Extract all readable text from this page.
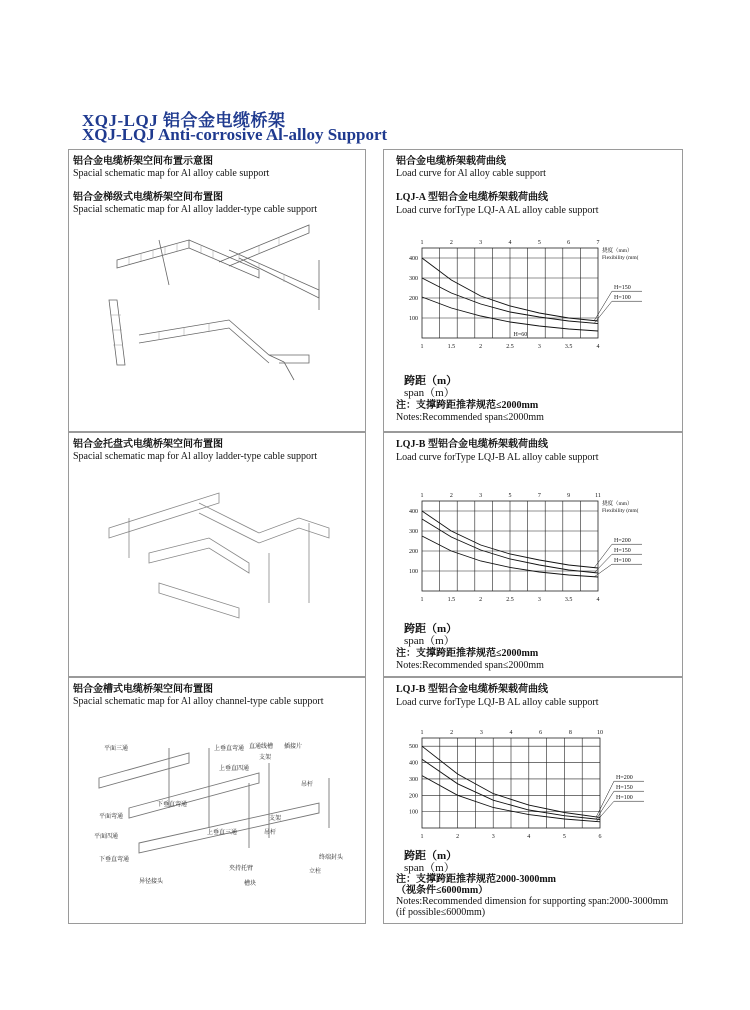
XQJ-LQJ 铝合金电缆桥架
XQJ-LQJ Anti-corrosive Al-alloy Support
铝合金电缆桥架空间布置示意图
Spacial schematic map for Al alloy cable support
铝合金梯级式电缆桥架空间布置图
Spacial schematic map for Al alloy ladder-type cable support
铝合金托盘式电缆桥架空间布置图
Spacial schematic map for Al alloy ladder-type cable support
铝合金槽式电缆桥架空间布置图
Spacial schematic map for Al alloy channel-type cable support
平面三通	上垂直弯通 直通线槽 插接片
支架
上垂直四通
下垂直弯通
吊杆
平面弯通	支架
平面四通
上垂直三通	吊杆
下垂直弯通
夹持托臂
终端封头
异径接头
立柱
槽块
铝合金电缆桥架载荷曲线
Load curve for Al alloy cable support
LQJ-A 型铝合金电缆桥架载荷曲线
Load curve forType LQJ-A AL alloy cable support
400
300
200
100
1	1.5	2	2.5	3	3.5	4
1	2	3	4	5	6	7
挠度（mm）
Flexibility (mm(
H=150
H=100
H=60
跨距（m）
span（m）
注：支撑跨距推荐规范≤2000mm
Notes:Recommended span≤2000mm
LQJ-B 型铝合金电缆桥架载荷曲线
Load curve forType LQJ-B AL alloy cable support
400
300
200
100
1	1.5	2	2.5	3	3.5	4
1	2	3	5	7	9	11
挠度（mm）
Flexibility (mm(
H=200
H=150
H=100
跨距（m）
span（m）
注：支撑跨距推荐规范≤2000mm
Notes:Recommended span≤2000mm
LQJ-B 型铝合金电缆桥架载荷曲线
Load curve forType LQJ-B AL alloy cable support
500
400
300
200
100
1	2	3	4	5	6
1	2	3	4	6	8	10
H=200
H=150
H=100
跨距（m）
span（m）
注：支撑跨距推荐规范2000-3000mm
（视条件≤6000mm）
Notes:Recommended dimension for supporting span:2000-3000mm
(if possible≤6000mm)
